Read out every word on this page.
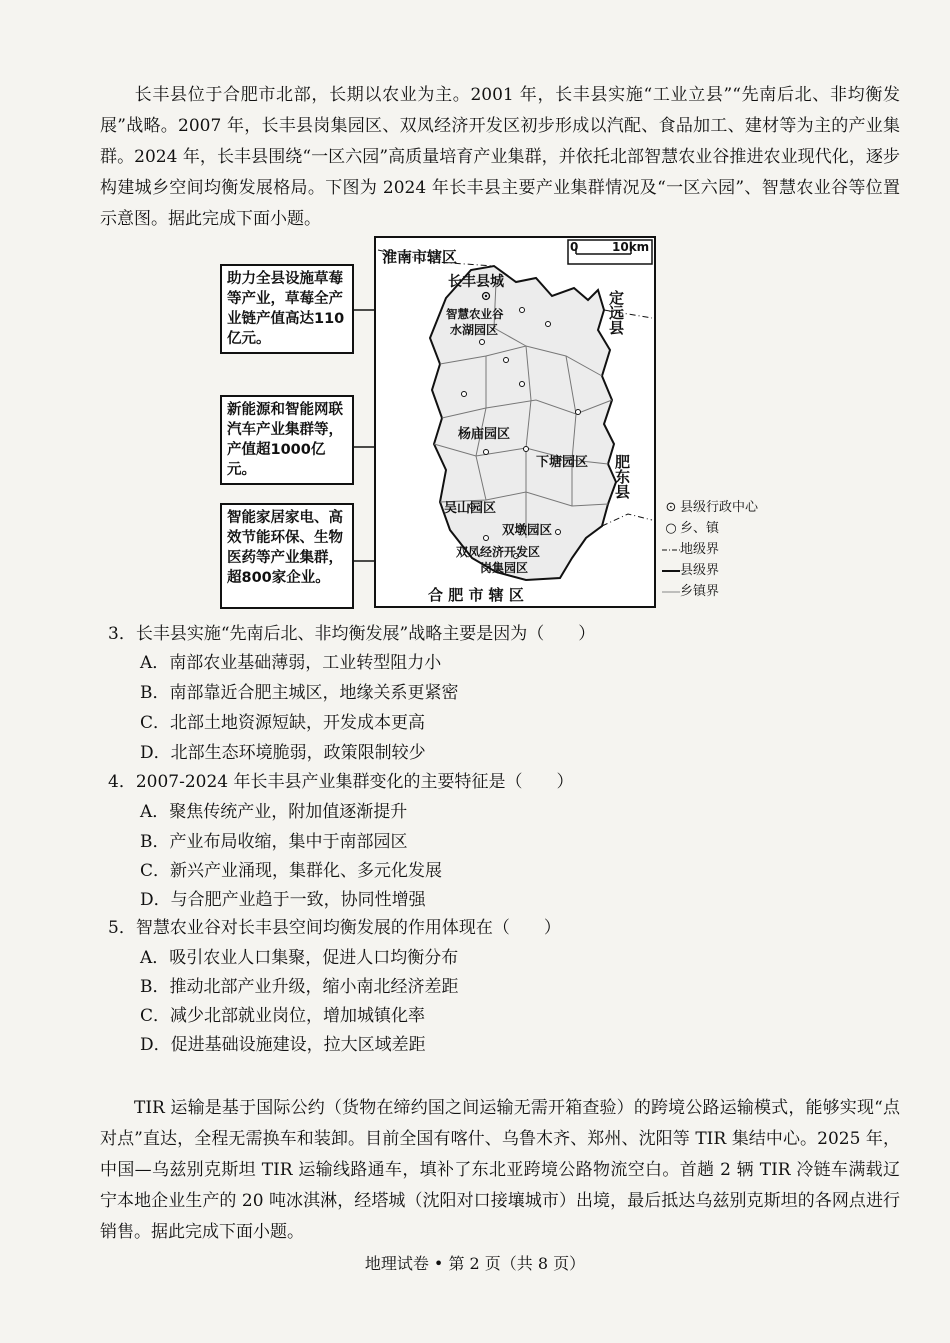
长丰县位于合肥市北部，长期以农业为主。2001 年，长丰县实施“工业立县”“先南后北、非均衡发展”战略。2007 年，长丰县岗集园区、双凤经济开发区初步形成以汽配、食品加工、建材等为主的产业集群。2024 年，长丰县围绕“一区六园”高质量培育产业集群，并依托北部智慧农业谷推进农业现代化，逐步构建城乡空间均衡发展格局。下图为 2024 年长丰县主要产业集群情况及“一区六园”、智慧农业谷等位置示意图。据此完成下面小题。
助力全县设施草莓等产业，草莓全产业链产值高达110亿元。
新能源和智能网联汽车产业集群等，产值超1000亿元。
智能家居家电、高效节能环保、生物医药等产业集群，超800家企业。
0	10km
淮南市辖区
长丰县城
智慧农业谷
水湖园区	定远县
杨庙园区
下塘园区 肥东县
吴山园区
双墩园区
双凤经济开发区
岗集园区
合 肥 市 辖 区
⊙ 县级行政中心
○ 乡、镇
地级界
县级界
乡镇界
3．长丰县实施“先南后北、非均衡发展”战略主要是因为（　　）
A．南部农业基础薄弱，工业转型阻力小
B．南部靠近合肥主城区，地缘关系更紧密
C．北部土地资源短缺，开发成本更高
D．北部生态环境脆弱，政策限制较少
4．2007-2024 年长丰县产业集群变化的主要特征是（　　）
A．聚焦传统产业，附加值逐渐提升
B．产业布局收缩，集中于南部园区
C．新兴产业涌现，集群化、多元化发展
D．与合肥产业趋于一致，协同性增强
5．智慧农业谷对长丰县空间均衡发展的作用体现在（　　）
A．吸引农业人口集聚，促进人口均衡分布
B．推动北部产业升级，缩小南北经济差距
C．减少北部就业岗位，增加城镇化率
D．促进基础设施建设，拉大区域差距
TIR 运输是基于国际公约（货物在缔约国之间运输无需开箱查验）的跨境公路运输模式，能够实现“点对点”直达，全程无需换车和装卸。目前全国有喀什、乌鲁木齐、郑州、沈阳等 TIR 集结中心。2025 年，中国—乌兹别克斯坦 TIR 运输线路通车，填补了东北亚跨境公路物流空白。首趟 2 辆 TIR 冷链车满载辽宁本地企业生产的 20 吨冰淇淋，经塔城（沈阳对口接壤城市）出境，最后抵达乌兹别克斯坦的各网点进行销售。据此完成下面小题。
地理试卷 • 第 2 页（共 8 页）
